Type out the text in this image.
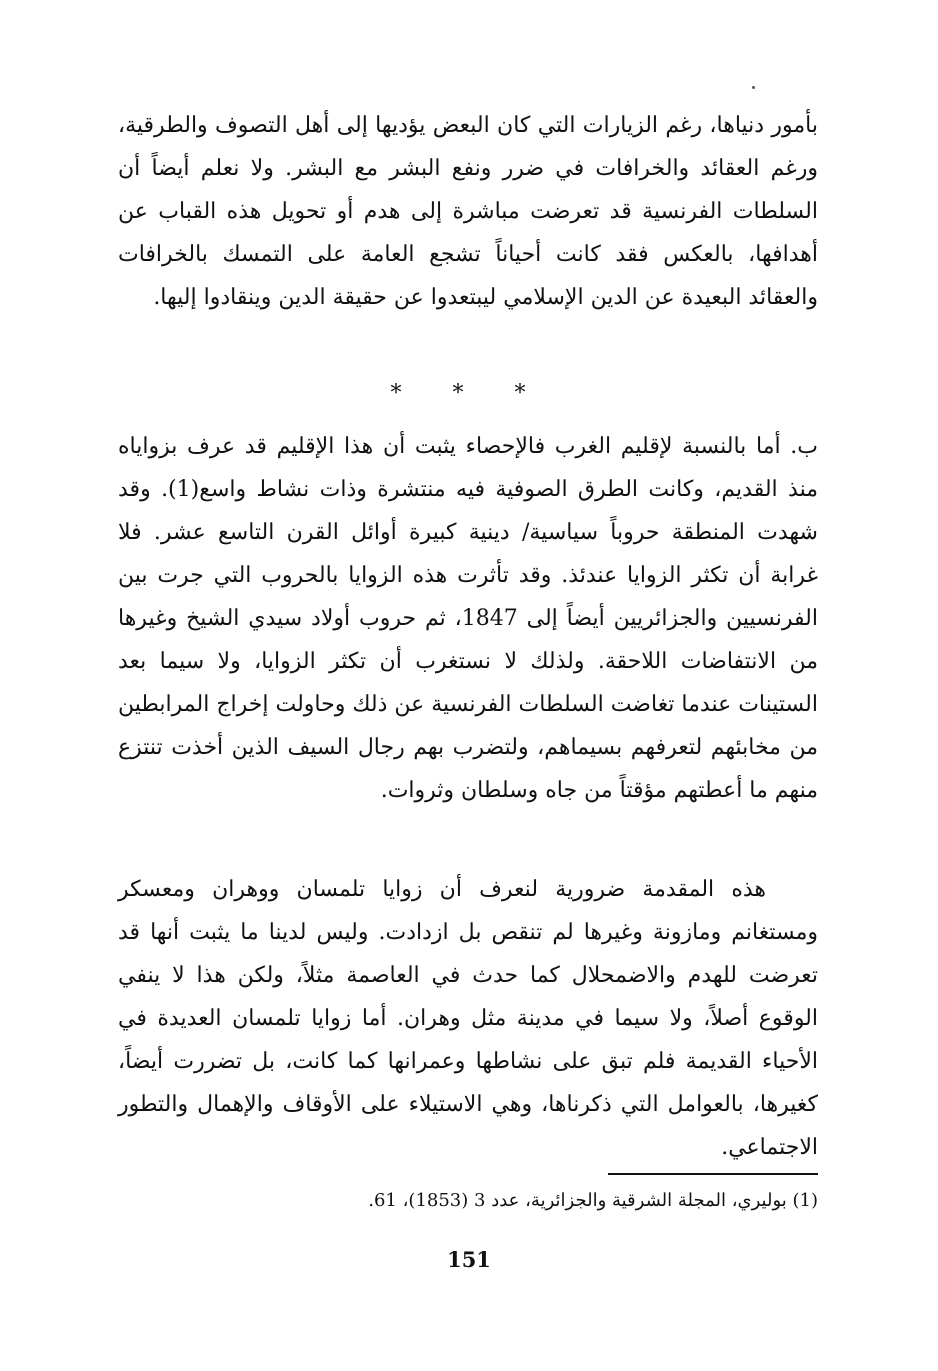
بأمور دنياها، رغم الزيارات التي كان البعض يؤديها إلى أهل التصوف والطرقية، ورغم العقائد والخرافات في ضرر ونفع البشر مع البشر. ولا نعلم أيضاً أن السلطات الفرنسية قد تعرضت مباشرة إلى هدم أو تحويل هذه القباب عن أهدافها، بالعكس فقد كانت أحياناً تشجع العامة على التمسك بالخرافات والعقائد البعيدة عن الدين الإسلامي ليبتعدوا عن حقيقة الدين وينقادوا إليها.

* * *

ب. أما بالنسبة لإقليم الغرب فالإحصاء يثبت أن هذا الإقليم قد عرف بزواياه منذ القديم، وكانت الطرق الصوفية فيه منتشرة وذات نشاط واسع(1). وقد شهدت المنطقة حروباً سياسية/ دينية كبيرة أوائل القرن التاسع عشر. فلا غرابة أن تكثر الزوايا عندئذ. وقد تأثرت هذه الزوايا بالحروب التي جرت بين الفرنسيين والجزائريين أيضاً إلى 1847، ثم حروب أولاد سيدي الشيخ وغيرها من الانتفاضات اللاحقة. ولذلك لا نستغرب أن تكثر الزوايا، ولا سيما بعد الستينات عندما تغاضت السلطات الفرنسية عن ذلك وحاولت إخراج المرابطين من مخابئهم لتعرفهم بسيماهم، ولتضرب بهم رجال السيف الذين أخذت تنتزع منهم ما أعطتهم مؤقتاً من جاه وسلطان وثروات.

هذه المقدمة ضرورية لنعرف أن زوايا تلمسان ووهران ومعسكر ومستغانم ومازونة وغيرها لم تنقص بل ازدادت. وليس لدينا ما يثبت أنها قد تعرضت للهدم والاضمحلال كما حدث في العاصمة مثلاً، ولكن هذا لا ينفي الوقوع أصلاً، ولا سيما في مدينة مثل وهران. أما زوايا تلمسان العديدة في الأحياء القديمة فلم تبق على نشاطها وعمرانها كما كانت، بل تضررت أيضاً، كغيرها، بالعوامل التي ذكرناها، وهي الاستيلاء على الأوقاف والإهمال والتطور الاجتماعي.

(1) بوليري، المجلة الشرقية والجزائرية، عدد 3 (1853)، 61.
151
